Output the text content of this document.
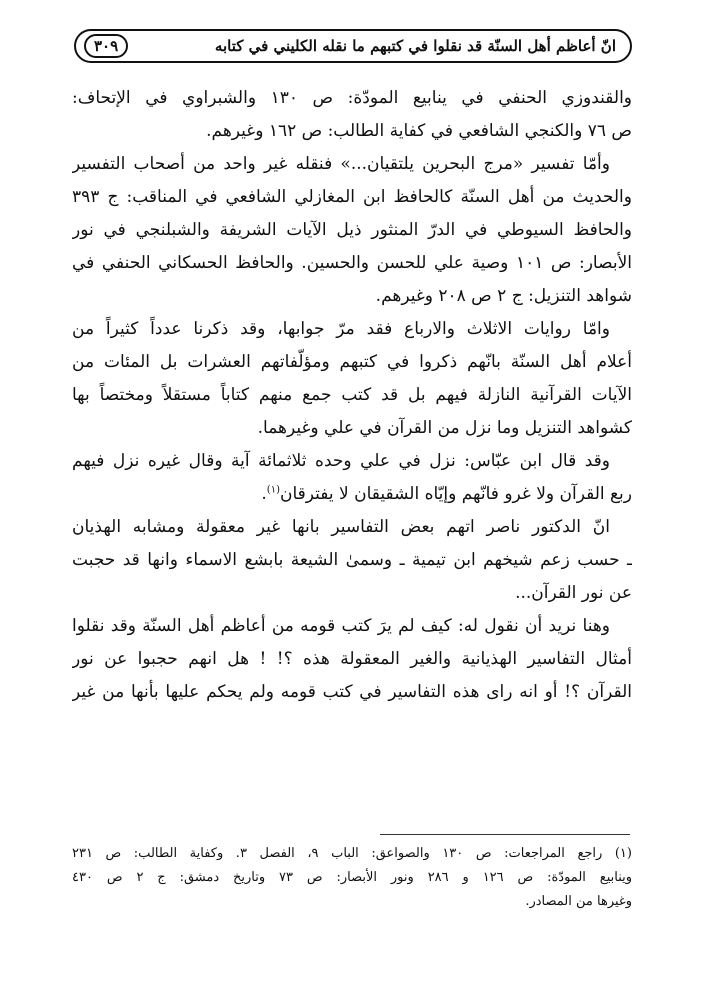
انّ أعاظم أهل السنّة قد نقلوا في كتبهم ما نقله الكليني في كتابه
٣٠٩
والقندوزي الحنفي في ينابيع المودّة: ص ١٣٠ والشبراوي في الإتحاف:
ص ٧٦ والكنجي الشافعي في كفاية الطالب: ص ١٦٢ وغيرهم.
وأمّا تفسير «مرج البحرين يلتقيان...» فنقله غير واحد من أصحاب التفسير
والحديث من أهل السنّة كالحافظ ابن المغازلي الشافعي في المناقب: ج ٣٩٣
والحافظ السيوطي في الدرّ المنثور ذيل الآيات الشريفة والشبلنجي في نور
الأبصار: ص ١٠١ وصية علي للحسن والحسين. والحافظ الحسكاني الحنفي في
شواهد التنزيل: ج ٢ ص ٢٠٨ وغيرهم.
وامّا روايات الاثلاث والارباع فقد مرّ جوابها، وقد ذكرنا عدداً كثيراً من
أعلام أهل السنّة بانّهم ذكروا في كتبهم ومؤلّفاتهم العشرات بل المئات من
الآيات القرآنية النازلة فيهم بل قد كتب جمع منهم كتاباً مستقلاً ومختصاً بها
كشواهد التنزيل وما نزل من القرآن في علي وغيرهما.
وقد قال ابن عبّاس: نزل في علي وحده ثلاثمائة آية وقال غيره نزل فيهم
ربع القرآن ولا غرو فانّهم وإيّاه الشقيقان لا يفترقان$^{(١)}$.
انّ الدكتور ناصر اتهم بعض التفاسير بانها غير معقولة ومشابه الهذيان
ـ حسب زعم شيخهم ابن تيمية ـ وسمىٰ الشيعة بابشع الاسماء وانها قد حجبت
عن نور القرآن...
وهنا نريد أن نقول له: كيف لم يرَ كتب قومه من أعاظم أهل السنّة وقد نقلوا
أمثال التفاسير الهذيانية والغير المعقولة هذه ؟! ! هل انهم حجبوا عن نور
القرآن ؟! أو انه راى هذه التفاسير في كتب قومه ولم يحكم عليها بأنها من غير
(١) راجع المراجعات: ص ١٣٠ والصواعق: الباب ٩، الفصل ٣. وكفاية الطالب: ص ٢٣١
وينابيع المودّة: ص ١٢٦ و ٢٨٦ ونور الأبصار: ص ٧٣ وتاريخ دمشق: ج ٢ ص ٤٣٠
وغيرها من المصادر.
